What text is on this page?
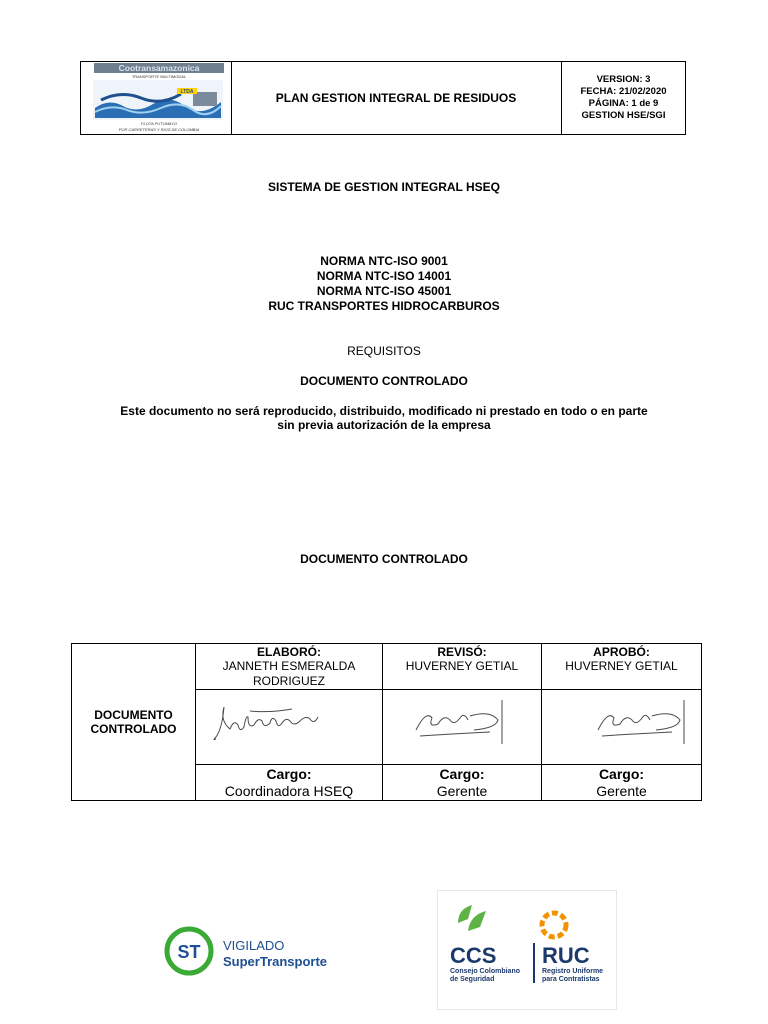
Cootransamazonica
TRANSPORTE MULTIMODAL
LTDA
FLOTA PUTUMAYO
POR CARRETERAS Y RIOS DE COLOMBIA
PLAN GESTION INTEGRAL DE RESIDUOS
VERSION: 3
FECHA: 21/02/2020
PÁGINA: 1 de 9
GESTION HSE/SGI
SISTEMA DE GESTION INTEGRAL HSEQ
NORMA NTC-ISO 9001
NORMA NTC-ISO 14001
NORMA NTC-ISO 45001
RUC TRANSPORTES HIDROCARBUROS
REQUISITOS
DOCUMENTO CONTROLADO
Este documento no será reproducido, distribuido, modificado ni prestado en todo o en parte
sin previa autorización de la empresa
DOCUMENTO CONTROLADO
DOCUMENTO
CONTROLADO
ELABORÓ:
JANNETH ESMERALDA
RODRIGUEZ
Cargo:
Coordinadora HSEQ
REVISÓ:
HUVERNEY GETIAL
Cargo:
Gerente
APROBÓ:
HUVERNEY GETIAL
Cargo:
Gerente
ST VIGILADO
SuperTransporte	CCS
Consejo Colombiano
de Seguridad
RUC
Registro Uniforme
para Contratistas
